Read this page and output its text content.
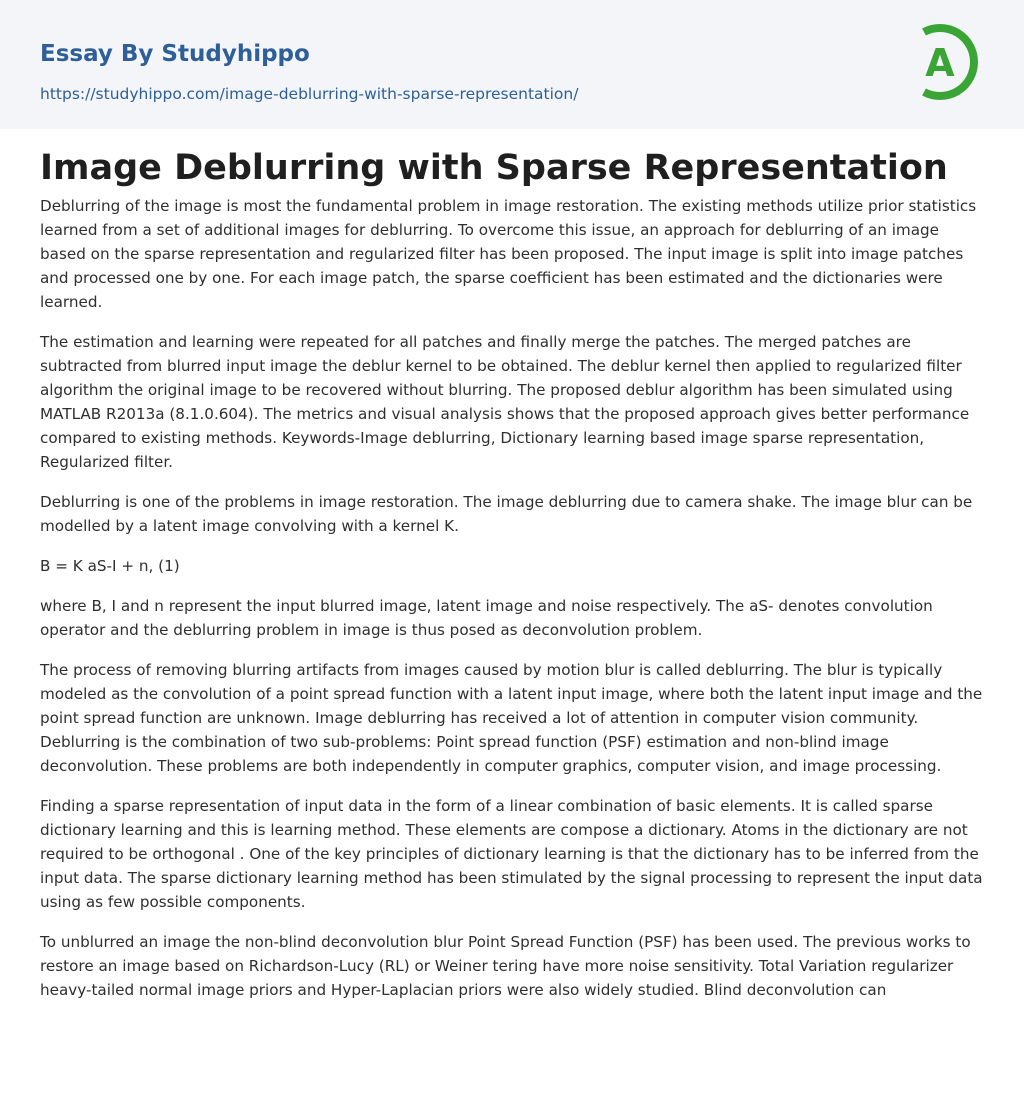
Essay By Studyhippo
https://studyhippo.com/image-deblurring-with-sparse-representation/
A
Image Deblurring with Sparse Representation

Deblurring of the image is most the fundamental problem in image restoration. The existing methods utilize prior statistics learned from a set of additional images for deblurring. To overcome this issue, an approach for deblurring of an image based on the sparse representation and regularized filter has been proposed. The input image is split into image patches and processed one by one. For each image patch, the sparse coefficient has been estimated and the dictionaries were learned.

The estimation and learning were repeated for all patches and finally merge the patches. The merged patches are subtracted from blurred input image the deblur kernel to be obtained. The deblur kernel then applied to regularized filter algorithm the original image to be recovered without blurring. The proposed deblur algorithm has been simulated using MATLAB R2013a (8.1.0.604). The metrics and visual analysis shows that the proposed approach gives better performance compared to existing methods. Keywords-Image deblurring, Dictionary learning based image sparse representation, Regularized filter.

Deblurring is one of the problems in image restoration. The image deblurring due to camera shake. The image blur can be modelled by a latent image convolving with a kernel K.

B = K aS-I + n, (1)

where B, I and n represent the input blurred image, latent image and noise respectively. The aS- denotes convolution operator and the deblurring problem in image is thus posed as deconvolution problem.

The process of removing blurring artifacts from images caused by motion blur is called deblurring. The blur is typically modeled as the convolution of a point spread function with a latent input image, where both the latent input image and the point spread function are unknown. Image deblurring has received a lot of attention in computer vision community. Deblurring is the combination of two sub-problems: Point spread function (PSF) estimation and non-blind image deconvolution. These problems are both independently in computer graphics, computer vision, and image processing.

Finding a sparse representation of input data in the form of a linear combination of basic elements. It is called sparse dictionary learning and this is learning method. These elements are compose a dictionary. Atoms in the dictionary are not required to be orthogonal . One of the key principles of dictionary learning is that the dictionary has to be inferred from the input data. The sparse dictionary learning method has been stimulated by the signal processing to represent the input data using as few possible components.

To unblurred an image the non-blind deconvolution blur Point Spread Function (PSF) has been used. The previous works to restore an image based on Richardson-Lucy (RL) or Weiner tering have more noise sensitivity. Total Variation regularizer heavy-tailed normal image priors and Hyper-Laplacian priors were also widely studied. Blind deconvolution can
